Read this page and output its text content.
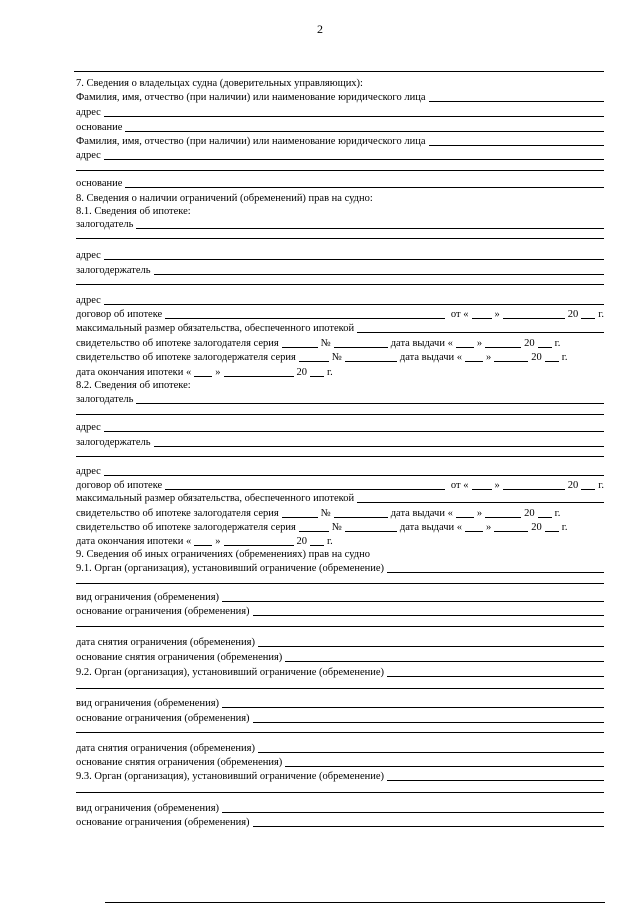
2
7. Сведения о владельцах судна (доверительных управляющих):
Фамилия, имя, отчество (при наличии) или наименование юридического лица
адрес
основание
Фамилия, имя, отчество (при наличии) или наименование юридического лица
адрес
основание
8. Сведения о наличии ограничений (обременений) прав на судно:
8.1. Сведения об ипотеке:
залогодатель
адрес
залогодержатель
адрес
договор об ипотеке	от « »	20 г.
максимальный размер обязательства, обеспеченного ипотекой
свидетельство об ипотеке залогодателя серия	№	дата выдачи « »	20 г.
свидетельство об ипотеке залогодержателя серия	№	дата выдачи « »	20 г.
дата окончания ипотеки « »	20 г.
8.2. Сведения об ипотеке:
залогодатель
адрес
залогодержатель
адрес
договор об ипотеке	от « »	20 г.
максимальный размер обязательства, обеспеченного ипотекой
свидетельство об ипотеке залогодателя серия	№	дата выдачи « »	20 г.
свидетельство об ипотеке залогодержателя серия	№	дата выдачи « »	20 г.
дата окончания ипотеки « »	20 г.
9. Сведения об иных ограничениях (обременениях) прав на судно
9.1. Орган (организация), установивший ограничение (обременение)
вид ограничения (обременения)
основание ограничения (обременения)
дата снятия ограничения (обременения)
основание снятия ограничения (обременения)
9.2. Орган (организация), установивший ограничение (обременение)
вид ограничения (обременения)
основание ограничения (обременения)
дата снятия ограничения (обременения)
основание снятия ограничения (обременения)
9.3. Орган (организация), установивший ограничение (обременение)
вид ограничения (обременения)
основание ограничения (обременения)
